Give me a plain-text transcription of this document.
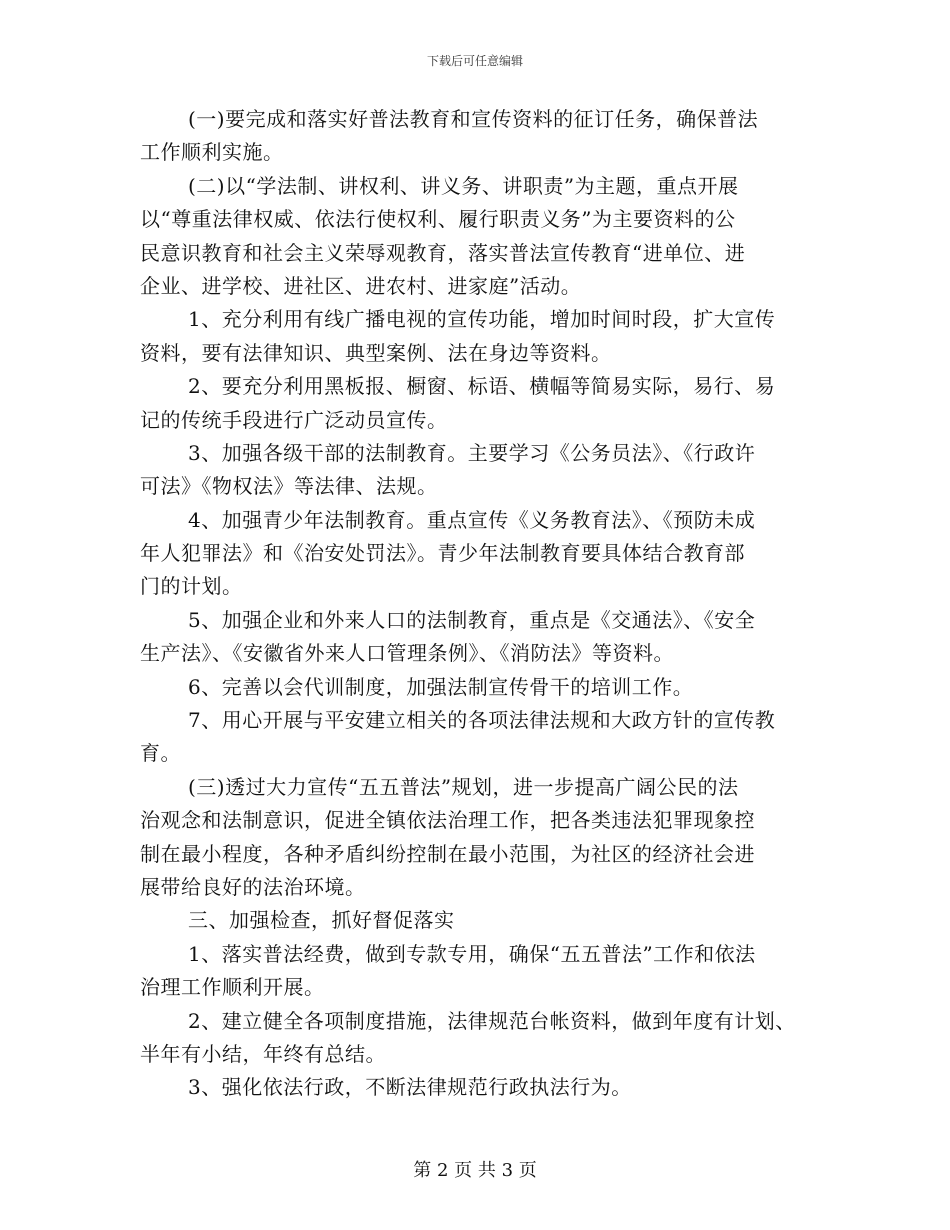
下载后可任意编辑
(一)要完成和落实好普法教育和宣传资料的征订任务，确保普法
工作顺利实施。
(二)以“学法制、讲权利、讲义务、讲职责”为主题，重点开展
以“尊重法律权威、依法行使权利、履行职责义务”为主要资料的公
民意识教育和社会主义荣辱观教育，落实普法宣传教育“进单位、进
企业、进学校、进社区、进农村、进家庭”活动。
1、充分利用有线广播电视的宣传功能，增加时间时段，扩大宣传
资料，要有法律知识、典型案例、法在身边等资料。
2、要充分利用黑板报、橱窗、标语、横幅等简易实际，易行、易
记的传统手段进行广泛动员宣传。
3、加强各级干部的法制教育。主要学习《公务员法》、《行政许
可法》《物权法》等法律、法规。
4、加强青少年法制教育。重点宣传《义务教育法》、《预防未成
年人犯罪法》和《治安处罚法》。青少年法制教育要具体结合教育部
门的计划。
5、加强企业和外来人口的法制教育，重点是《交通法》、《安全
生产法》、《安徽省外来人口管理条例》、《消防法》等资料。
6、完善以会代训制度，加强法制宣传骨干的培训工作。
7、用心开展与平安建立相关的各项法律法规和大政方针的宣传教
育。
(三)透过大力宣传“五五普法”规划，进一步提高广阔公民的法
治观念和法制意识，促进全镇依法治理工作，把各类违法犯罪现象控
制在最小程度，各种矛盾纠纷控制在最小范围，为社区的经济社会进
展带给良好的法治环境。
三、加强检查，抓好督促落实
1、落实普法经费，做到专款专用，确保“五五普法”工作和依法
治理工作顺利开展。
2、建立健全各项制度措施，法律规范台帐资料，做到年度有计划、
半年有小结，年终有总结。
3、强化依法行政，不断法律规范行政执法行为。
第 2 页 共 3 页
